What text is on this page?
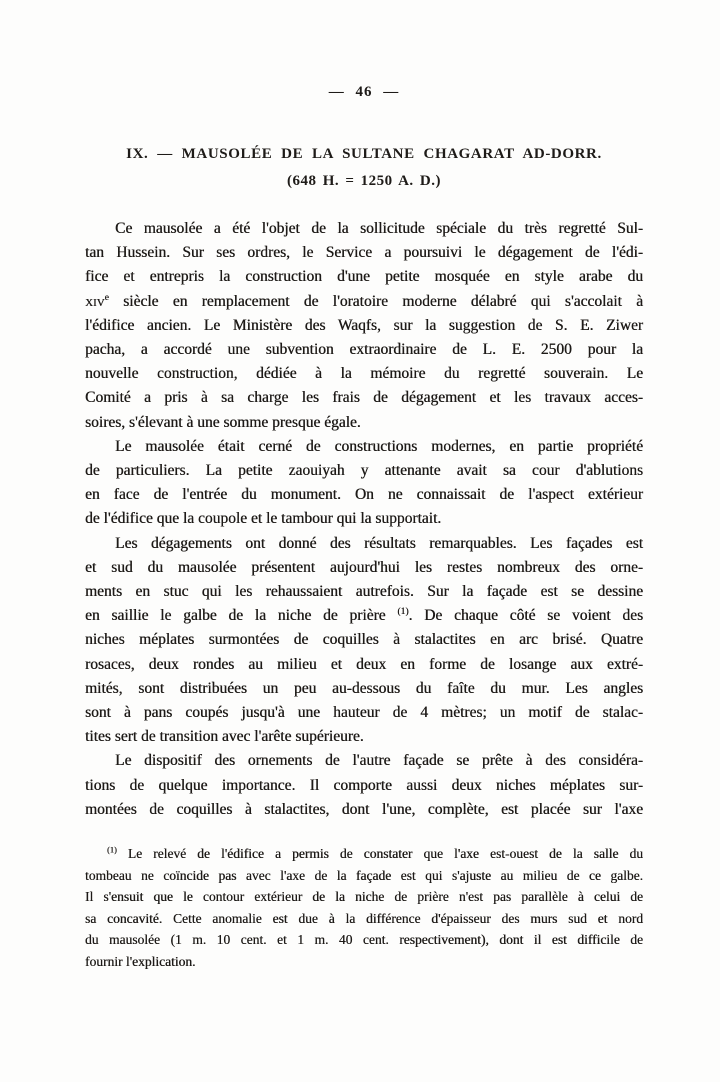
— 46 —
IX. — MAUSOLÉE DE LA SULTANE CHAGARAT AD-DORR.
(648 H. = 1250 A. D.)
Ce mausolée a été l'objet de la sollicitude spéciale du très regretté Sul-
tan Hussein. Sur ses ordres, le Service a poursuivi le dégagement de l'édi-
fice et entrepris la construction d'une petite mosquée en style arabe du
xiv$^e$ siècle en remplacement de l'oratoire moderne délabré qui s'accolait à
l'édifice ancien. Le Ministère des Waqfs, sur la suggestion de S. E. Ziwer
pacha, a accordé une subvention extraordinaire de L. E. 2500 pour la
nouvelle construction, dédiée à la mémoire du regretté souverain. Le
Comité a pris à sa charge les frais de dégagement et les travaux acces-
soires, s'élevant à une somme presque égale.
Le mausolée était cerné de constructions modernes, en partie propriété
de particuliers. La petite zaouiyah y attenante avait sa cour d'ablutions
en face de l'entrée du monument. On ne connaissait de l'aspect extérieur
de l'édifice que la coupole et le tambour qui la supportait.
Les dégagements ont donné des résultats remarquables. Les façades est
et sud du mausolée présentent aujourd'hui les restes nombreux des orne-
ments en stuc qui les rehaussaient autrefois. Sur la façade est se dessine
en saillie le galbe de la niche de prière $^{(1)}$. De chaque côté se voient des
niches méplates surmontées de coquilles à stalactites en arc brisé. Quatre
rosaces, deux rondes au milieu et deux en forme de losange aux extré-
mités, sont distribuées un peu au-dessous du faîte du mur. Les angles
sont à pans coupés jusqu'à une hauteur de 4 mètres; un motif de stalac-
tites sert de transition avec l'arête supérieure.
Le dispositif des ornements de l'autre façade se prête à des considéra-
tions de quelque importance. Il comporte aussi deux niches méplates sur-
montées de coquilles à stalactites, dont l'une, complète, est placée sur l'axe
$^{(1)}$ Le relevé de l'édifice a permis de constater que l'axe est-ouest de la salle du
tombeau ne coïncide pas avec l'axe de la façade est qui s'ajuste au milieu de ce galbe.
Il s'ensuit que le contour extérieur de la niche de prière n'est pas parallèle à celui de
sa concavité. Cette anomalie est due à la différence d'épaisseur des murs sud et nord
du mausolée (1 m. 10 cent. et 1 m. 40 cent. respectivement), dont il est difficile de
fournir l'explication.
